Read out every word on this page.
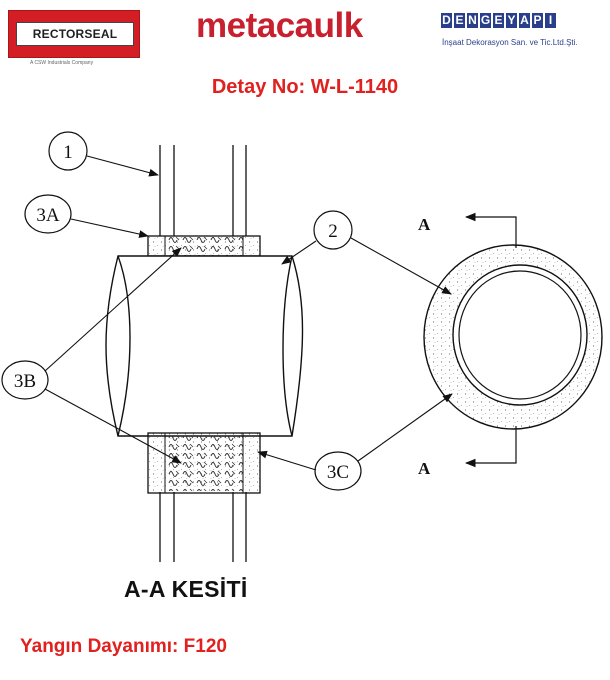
RECTORSEAL
A CSW Industrials Company
metacaulk	D E N G E Y A P I
İnşaat Dekorasyon San. ve Tic.Ltd.Şti.
Detay No: W-L-1140
A
A
1
3A
2
3B
3C
A-A KESİTİ
Yangın Dayanımı: F120
